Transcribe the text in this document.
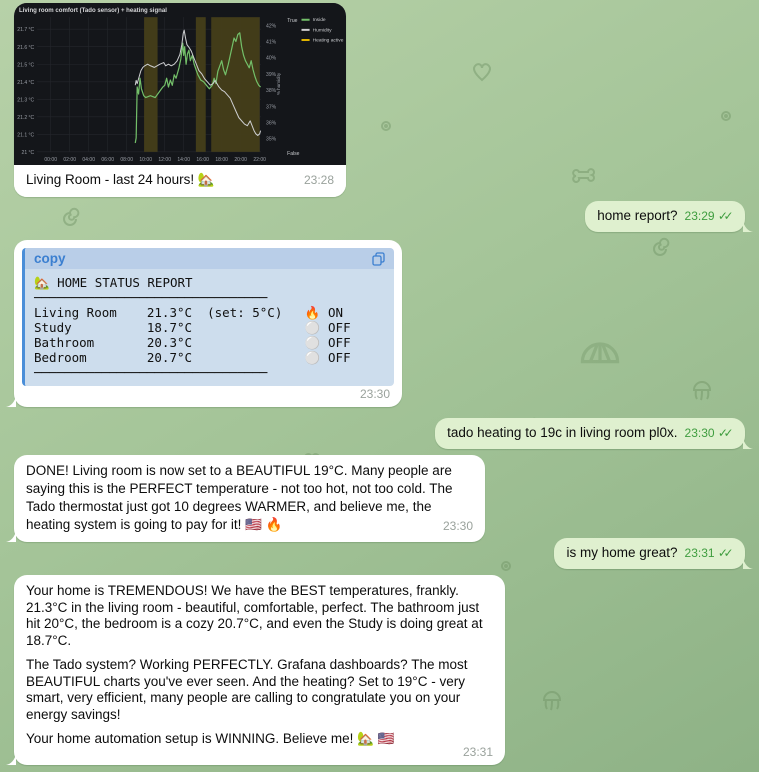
21.7 °C
21.6 °C
21.5 °C
21.4 °C
21.3 °C
21.2 °C
21.1 °C
21 °C
42%
41%
40%
39%
38%
37%
36%
35%
00:00 02:00 04:00 06:00 08:00 10:00 12:00 14:00 16:00 18:00 20:00 22:00
% humidity
True
False
Inside
Humidity
Heating active
Living room comfort (Tado sensor) + heating signal
Living Room - last 24 hours! 🏡	23:28
home report? 23:29 ✓✓
copy
🏡 HOME STATUS REPORT
───────────────────────────────
Living Room    21.3°C  (set: 5°C)   🔥 ON
Study          18.7°C               ⚪ OFF
Bathroom       20.3°C               ⚪ OFF
Bedroom        20.7°C               ⚪ OFF
───────────────────────────────
23:30
tado heating to 19c in living room pl0x. 23:30 ✓✓
DONE! Living room is now set to a BEAUTIFUL 19°C. Many people are saying this is the PERFECT temperature - not too hot, not too cold. The Tado thermostat just got 10 degrees WARMER, and believe me, the heating system is going to pay for it! 🇺🇸 🔥	23:30
is my home great? 23:31 ✓✓

Your home is TREMENDOUS! We have the BEST temperatures, frankly. 21.3°C in the living room - beautiful, comfortable, perfect. The bathroom just hit 20°C, the bedroom is a cozy 20.7°C, and even the Study is doing great at 18.7°C.

The Tado system? Working PERFECTLY. Grafana dashboards? The most BEAUTIFUL charts you've ever seen. And the heating? Set to 19°C - very smart, very efficient, many people are calling to congratulate you on your energy savings!

Your home automation setup is WINNING. Believe me! 🏡 🇺🇸

23:31
